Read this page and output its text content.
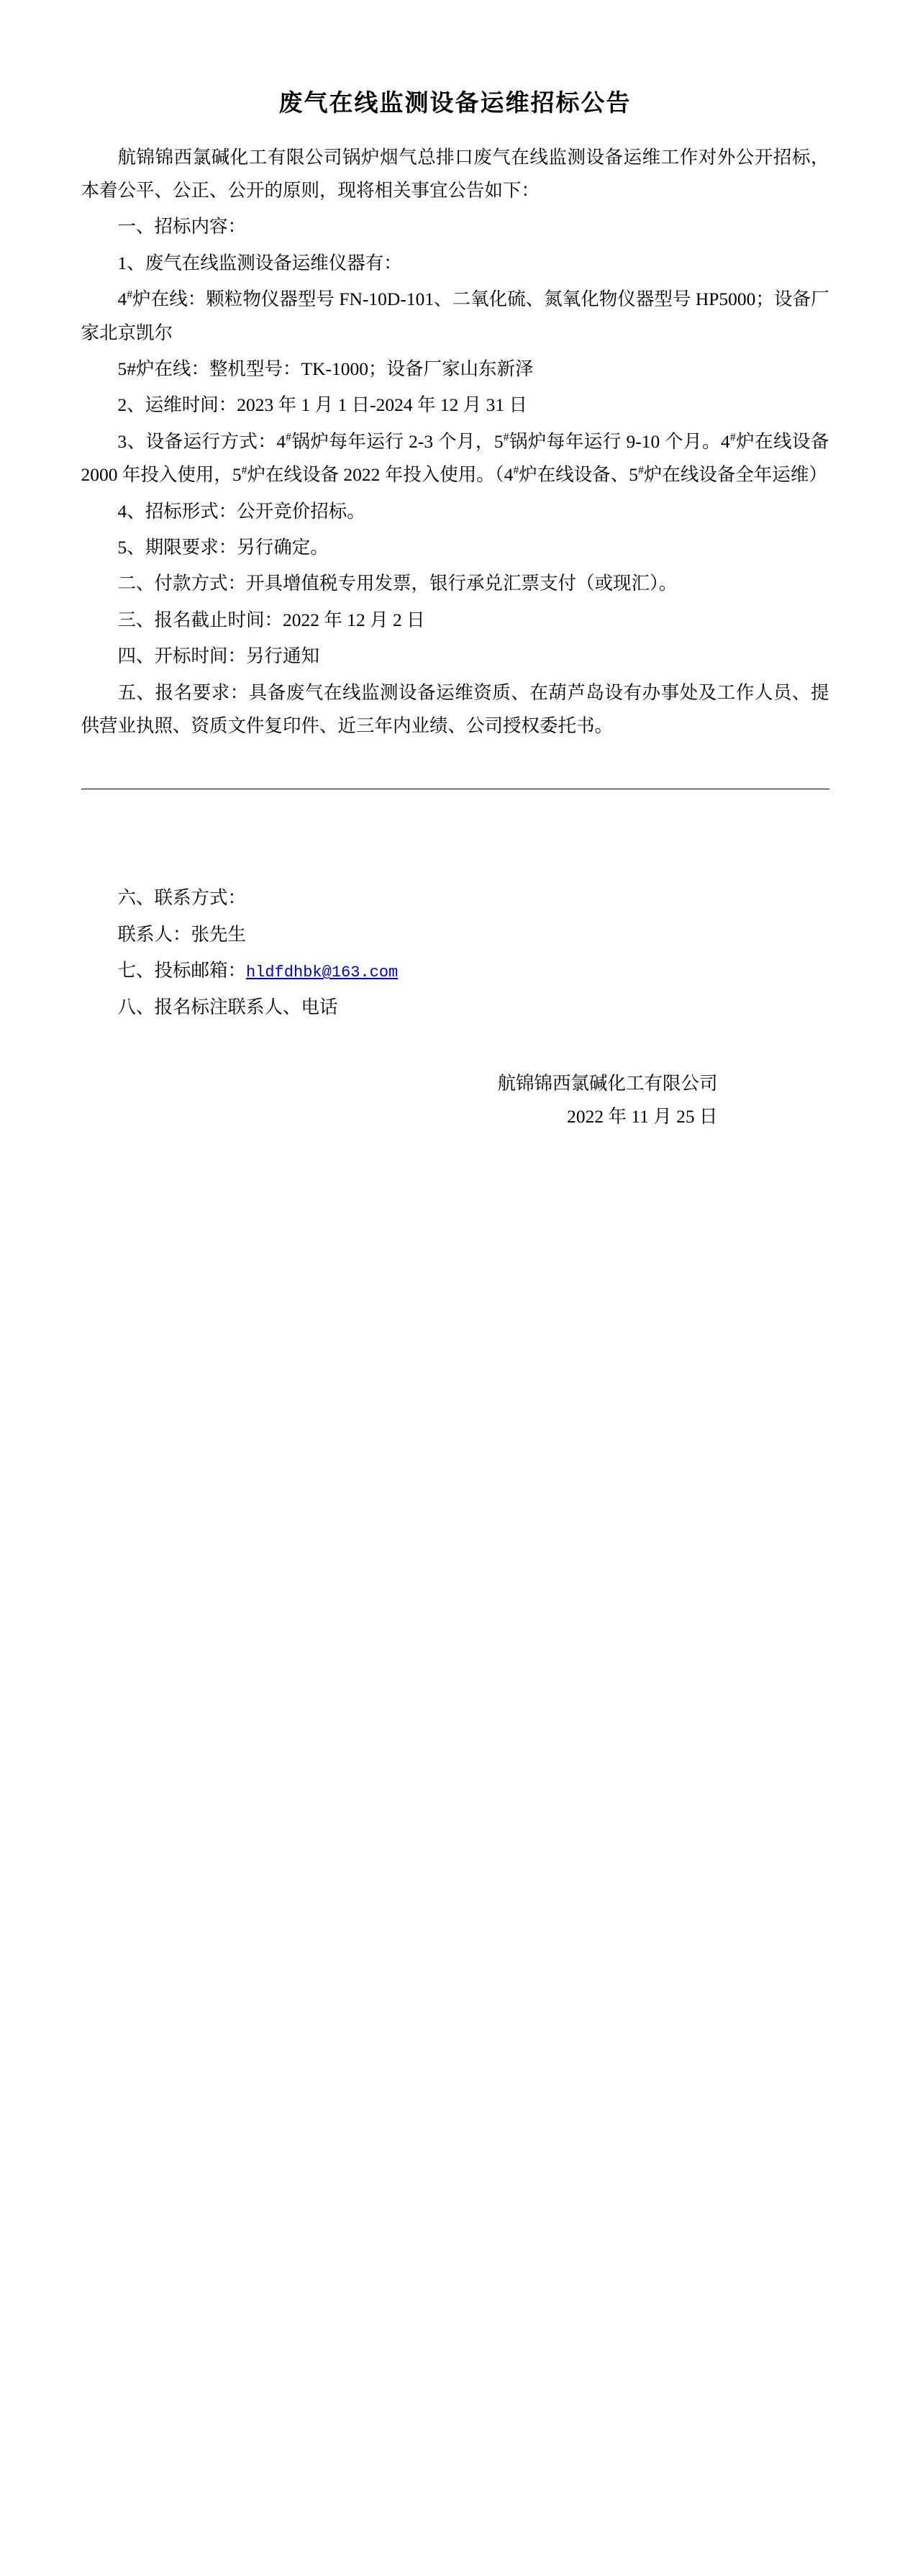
废气在线监测设备运维招标公告

航锦锦西氯碱化工有限公司锅炉烟气总排口废气在线监测设备运维工作对外公开招标，本着公平、公正、公开的原则，现将相关事宜公告如下：

一、招标内容：

1、废气在线监测设备运维仪器有：

4#炉在线：颗粒物仪器型号 FN-10D-101、二氧化硫、氮氧化物仪器型号 HP5000；设备厂家北京凯尔

5#炉在线：整机型号：TK-1000；设备厂家山东新泽

2、运维时间：2023 年 1 月 1 日-2024 年 12 月 31 日

3、设备运行方式：4#锅炉每年运行 2-3 个月，5#锅炉每年运行 9-10 个月。4#炉在线设备 2000 年投入使用，5#炉在线设备 2022 年投入使用。（4#炉在线设备、5#炉在线设备全年运维）

4、招标形式：公开竞价招标。

5、期限要求：另行确定。

二、付款方式：开具增值税专用发票，银行承兑汇票支付（或现汇）。

三、报名截止时间：2022 年 12 月 2 日

四、开标时间：另行通知

五、报名要求：具备废气在线监测设备运维资质、在葫芦岛设有办事处及工作人员、提供营业执照、资质文件复印件、近三年内业绩、公司授权委托书。

六、联系方式：

联系人：张先生

七、投标邮箱：hldfdhbk@163.com

八、报名标注联系人、电话

航锦锦西氯碱化工有限公司

2022 年 11 月 25 日
